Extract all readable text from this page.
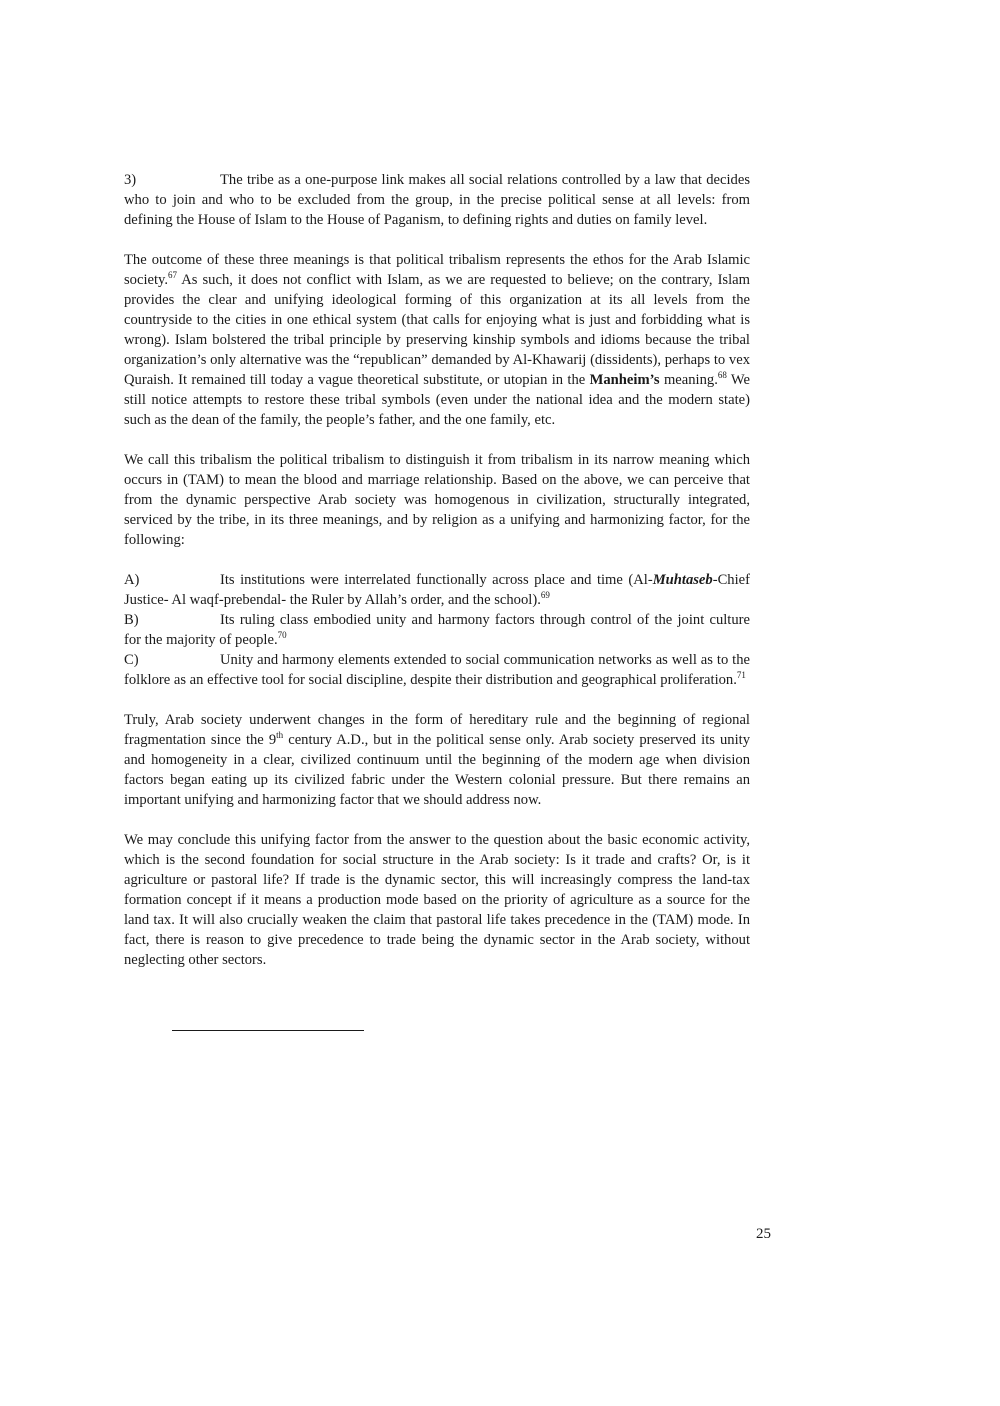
3)	The tribe as a one-purpose link makes all social relations controlled by a law that decides who to join and who to be excluded from the group, in the precise political sense at all levels: from defining the House of Islam to the House of Paganism, to defining rights and duties on family level.

The outcome of these three meanings is that political tribalism represents the ethos for the Arab Islamic society.$^{67}$ As such, it does not conflict with Islam, as we are requested to believe; on the contrary, Islam provides the clear and unifying ideological forming of this organization at its all levels from the countryside to the cities in one ethical system (that calls for enjoying what is just and forbidding what is wrong). Islam bolstered the tribal principle by preserving kinship symbols and idioms because the tribal organization’s only alternative was the “republican” demanded by Al-Khawarij (dissidents), perhaps to vex Quraish. It remained till today a vague theoretical substitute, or utopian in the Manheim’s meaning.$^{68}$ We still notice attempts to restore these tribal symbols (even under the national idea and the modern state) such as the dean of the family, the people’s father, and the one family, etc.

We call this tribalism the political tribalism to distinguish it from tribalism in its narrow meaning which occurs in (TAM) to mean the blood and marriage relationship. Based on the above, we can perceive that from the dynamic perspective Arab society was homogenous in civilization, structurally integrated, serviced by the tribe, in its three meanings, and by religion as a unifying and harmonizing factor, for the following:

A)	Its institutions were interrelated functionally across place and time (Al-Muhtaseb-Chief Justice- Al waqf-prebendal- the Ruler by Allah’s order, and the school).$^{69}$

B)	Its ruling class embodied unity and harmony factors through control of the joint culture for the majority of people.$^{70}$

C)	Unity and harmony elements extended to social communication networks as well as to the folklore as an effective tool for social discipline, despite their distribution and geographical proliferation.$^{71}$

Truly, Arab society underwent changes in the form of hereditary rule and the beginning of regional fragmentation since the 9th century A.D., but in the political sense only. Arab society preserved its unity and homogeneity in a clear, civilized continuum until the beginning of the modern age when division factors began eating up its civilized fabric under the Western colonial pressure. But there remains an important unifying and harmonizing factor that we should address now.

We may conclude this unifying factor from the answer to the question about the basic economic activity, which is the second foundation for social structure in the Arab society: Is it trade and crafts? Or, is it agriculture or pastoral life? If trade is the dynamic sector, this will increasingly compress the land-tax formation concept if it means a production mode based on the priority of agriculture as a source for the land tax. It will also crucially weaken the claim that pastoral life takes precedence in the (TAM) mode. In fact, there is reason to give precedence to trade being the dynamic sector in the Arab society, without neglecting other sectors.

25
